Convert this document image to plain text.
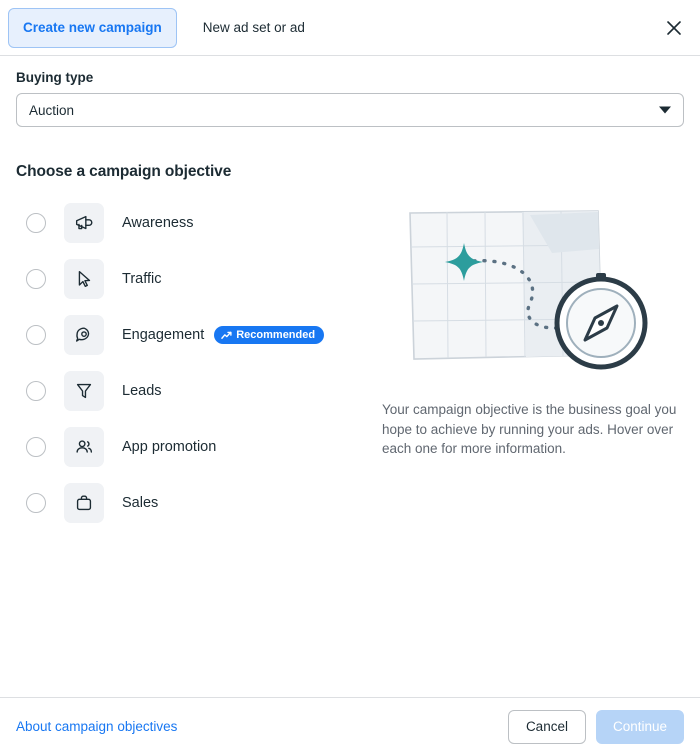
Create new campaign	New ad set or ad
Buying type
Auction
Choose a campaign objective
Awareness
Traffic
Engagement	Recommended
Leads
App promotion
Sales

Your campaign objective is the business goal you hope to achieve by running your ads. Hover over each one for more information.

About campaign objectives	Cancel	Continue
